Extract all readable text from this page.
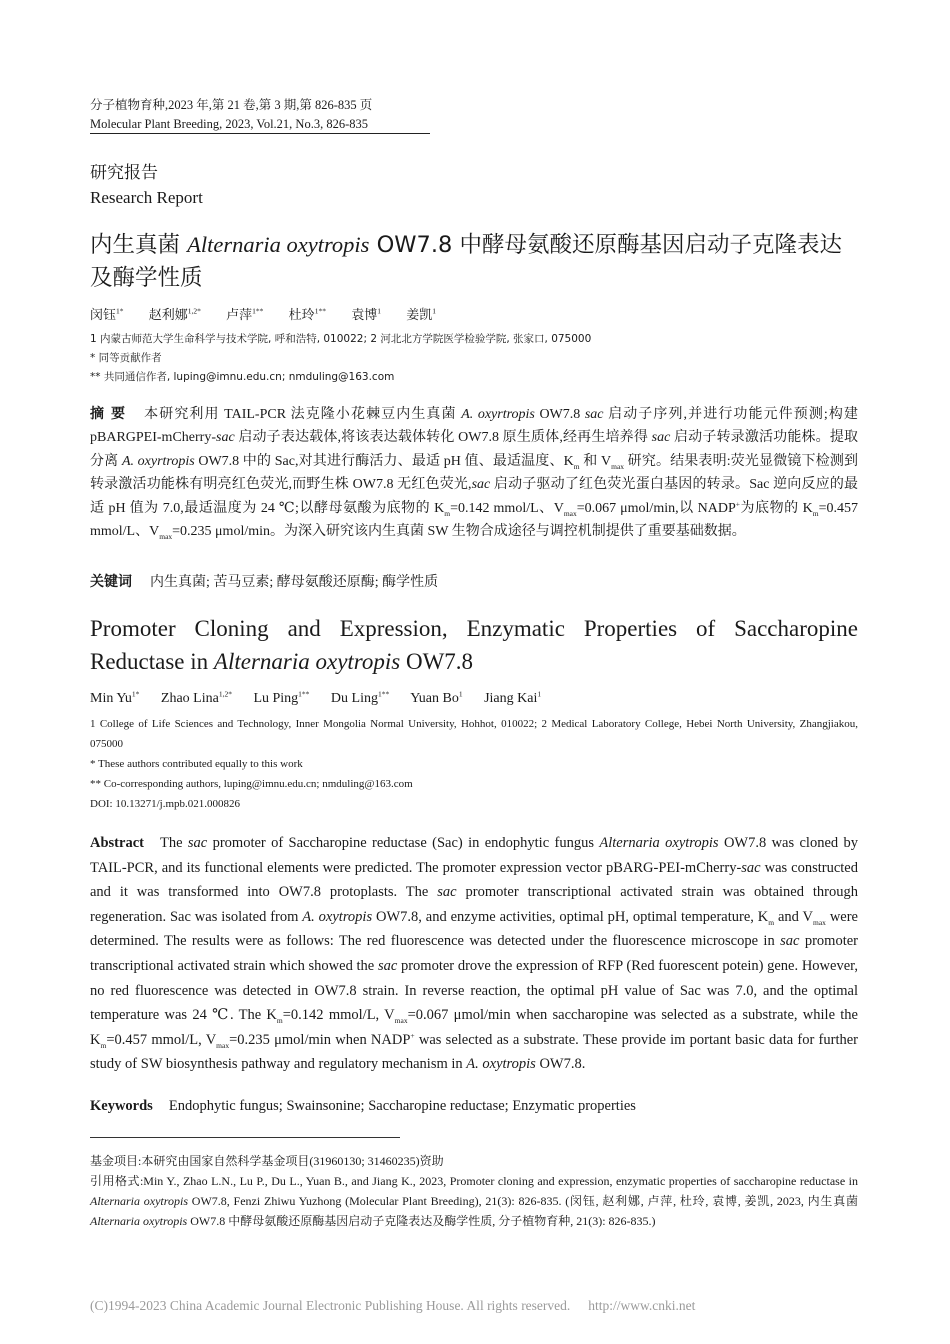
分子植物育种,2023 年,第 21 卷,第 3 期,第 826-835 页
Molecular Plant Breeding, 2023, Vol.21, No.3, 826-835
研究报告
Research Report
内生真菌 Alternaria oxytropis OW7.8 中酵母氨酸还原酶基因启动子克隆表达及酶学性质
闵钰$^{1*}$ 赵利娜$^{1,2*}$ 卢萍$^{1**}$ 杜玲$^{1**}$ 袁博$^1$ 姜凯$^1$
1 内蒙古师范大学生命科学与技术学院, 呼和浩特, 010022; 2 河北北方学院医学检验学院, 张家口, 075000
* 同等贡献作者
** 共同通信作者, luping@imnu.edu.cn; nmduling@163.com
摘 要 本研究利用 TAIL-PCR 法克隆小花棘豆内生真菌 A. oxyrtropis OW7.8 sac 启动子序列,并进行功能元件预测;构建 pBARGPEI-mCherry-sac 启动子表达载体,将该表达载体转化 OW7.8 原生质体,经再生培养得 sac 启动子转录激活功能株。提取分离 A. oxyrtropis OW7.8 中的 Sac,对其进行酶活力、最适 pH 值、最适温度、$K_m$ 和 $V_{max}$ 研究。结果表明:荧光显微镜下检测到转录激活功能株有明亮红色荧光,而野生株 OW7.8 无红色荧光,sac 启动子驱动了红色荧光蛋白基因的转录。Sac 逆向反应的最适 pH 值为 7.0,最适温度为 24 ℃;以酵母氨酸为底物的 $K_m=0.142$ mmol/L、$V_{max}=0.067$ μmol/min,以 NADP+为底物的 $K_m=0.457$ mmol/L、$V_{max}=0.235$ μmol/min。为深入研究该内生真菌 SW 生物合成途径与调控机制提供了重要基础数据。
关键词 内生真菌; 苦马豆素; 酵母氨酸还原酶; 酶学性质
Promoter Cloning and Expression, Enzymatic Properties of Saccharopine Reductase in Alternaria oxytropis OW7.8
Min $Yu^{1*}$ Zhao Lina$^{1,2*}$ Lu Ping$^{1**}$ Du Ling$^{1**}$ Yuan Bo$^1$ Jiang Kai$^1$
1 College of Life Sciences and Technology, Inner Mongolia Normal University, Hohhot, 010022; 2 Medical Laboratory College, Hebei North University, Zhangjiakou, 075000
* These authors contributed equally to this work
** Co-corresponding authors, luping@imnu.edu.cn; nmduling@163.com
DOI: 10.13271/j.mpb.021.000826
Abstract The sac promoter of Saccharopine reductase (Sac) in endophytic fungus Alternaria oxytropis OW7.8 was cloned by TAIL-PCR, and its functional elements were predicted. The promoter expression vector pBARG-PEI-mCherry-sac was constructed and it was transformed into OW7.8 protoplasts. The sac promoter transcriptional activated strain was obtained through regeneration. Sac was isolated from A. oxytropis OW7.8, and enzyme activities, optimal pH, optimal temperature, $K_m$ and $V_{max}$ were determined. The results were as follows: The red fluorescence was detected under the fluorescence microscope in sac promoter transcriptional activated strain which showed the sac promoter drove the expression of RFP (Red fuorescent potein) gene. However, no red fluorescence was detected in OW7.8 strain. In reverse reaction, the optimal pH value of Sac was 7.0, and the optimal temperature was 24 ℃. The $K_m=0.142$ mmol/L, $V_{max}=0.067$ μmol/min when saccharopine was selected as a substrate, while the $K_m=0.457$ mmol/L, $V_{max}=0.235$ μmol/min when NADP+ was selected as a substrate. These provide im portant basic data for further study of SW biosynthesis pathway and regulatory mechanism in A. oxytropis OW7.8.
Keywords Endophytic fungus; Swainsonine; Saccharopine reductase; Enzymatic properties
基金项目:本研究由国家自然科学基金项目(31960130; 31460235)资助
引用格式:Min Y., Zhao L.N., Lu P., Du L., Yuan B., and Jiang K., 2023, Promoter cloning and expression, enzymatic properties of saccharopine reductase in Alternaria oxytropis OW7.8, Fenzi Zhiwu Yuzhong (Molecular Plant Breeding), 21(3): 826-835. (闵钰, 赵利娜, 卢萍, 杜玲, 袁博, 姜凯, 2023, 内生真菌 Alternaria oxytropis OW7.8 中酵母氨酸还原酶基因启动子克隆表达及酶学性质, 分子植物育种, 21(3): 826-835.)
(C)1994-2023 China Academic Journal Electronic Publishing House. All rights reserved. http://www.cnki.net
